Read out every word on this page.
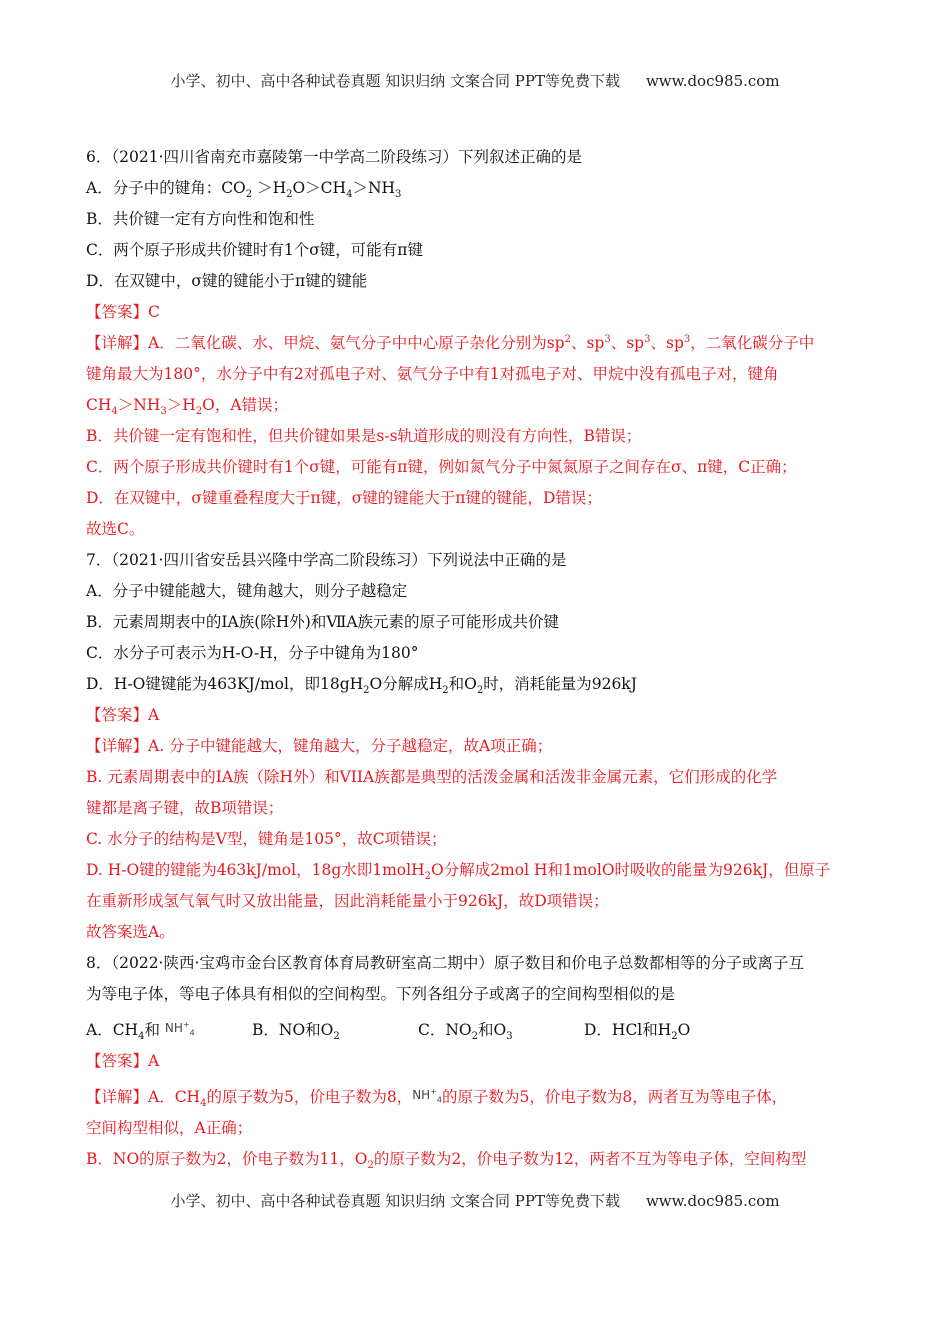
小学、初中、高中各种试卷真题 知识归纳 文案合同 PPT等免费下载 www.doc985.com
6．（2021·四川省南充市嘉陵第一中学高二阶段练习）下列叙述正确的是
A．分子中的键角：$CO_2 >H_2O>CH_4>NH_3$
B．共价键一定有方向性和饱和性
C．两个原子形成共价键时有1个σ键，可能有π键
D．在双键中，σ键的键能小于π键的键能
【答案】C
【详解】A．二氧化碳、水、甲烷、氨气分子中中心原子杂化分别为$sp^2$、$sp^3$、$sp^3$、$sp^3$，二氧化碳分子中
键角最大为180°，水分子中有2对孤电子对、氨气分子中有1对孤电子对、甲烷中没有孤电子对，键角
$CH_4>NH_3>H_2O$，A错误；
B．共价键一定有饱和性，但共价键如果是s-s轨道形成的则没有方向性，B错误；
C．两个原子形成共价键时有1个σ键，可能有π键，例如氮气分子中氮氮原子之间存在σ、π键，C正确；
D．在双键中，σ键重叠程度大于π键，σ键的键能大于π键的键能，D错误；
故选C。
7．（2021·四川省安岳县兴隆中学高二阶段练习）下列说法中正确的是
A．分子中键能越大，键角越大，则分子越稳定
B．元素周期表中的ⅠA族(除H外)和ⅦA族元素的原子可能形成共价键
C．水分子可表示为H-O-H，分子中键角为180°
D．H-O键键能为463KJ/mol，即$18gH_2O$分解成$H_2$和$O_2$时，消耗能量为926kJ
【答案】A
【详解】A. 分子中键能越大，键角越大，分子越稳定，故A项正确；
B. 元素周期表中的IA族（除H外）和VIIA族都是典型的活泼金属和活泼非金属元素，它们形成的化学
键都是离子键，故B项错误；
C. 水分子的结构是V型，键角是105°，故C项错误；
D. H-O键的键能为463kJ/mol，18g水即1molH$_2$O分解成2mol H和1molO时吸收的能量为926kJ，但原子
在重新形成氢气氧气时又放出能量，因此消耗能量小于926kJ，故D项错误；
故答案选A。
8．（2022·陕西·宝鸡市金台区教育体育局教研室高二期中）原子数目和价电子总数都相等的分子或离子互
为等电子体，等电子体具有相似的空间构型。下列各组分子或离子的空间构型相似的是
A．$CH_4$和 $NH^+_4$	B．NO和$O_2$	C．$NO_2$和$O_3$	D．HCl和$H_2O$
【答案】A
【详解】A．$CH_4$的原子数为5，价电子数为8，$NH^+_4$的原子数为5，价电子数为8，两者互为等电子体，
空间构型相似，A正确；
B．NO的原子数为2，价电子数为11，$O_2$的原子数为2，价电子数为12，两者不互为等电子体，空间构型
小学、初中、高中各种试卷真题 知识归纳 文案合同 PPT等免费下载 www.doc985.com
